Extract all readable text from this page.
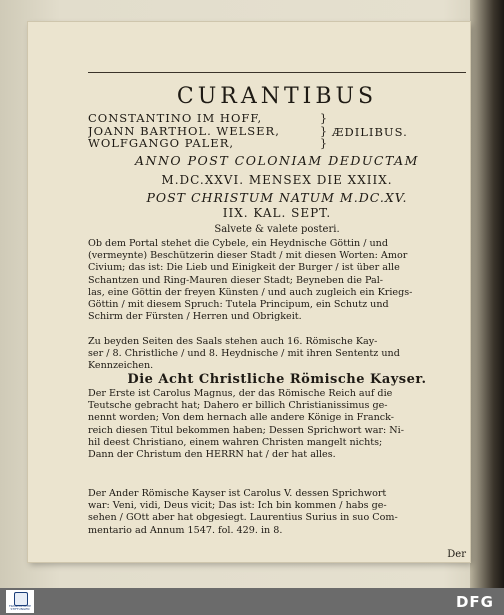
CURANTIBUS
CONSTANTINO IM HOFF,
JOANN BARTHOL. WELSER,
WOLFGANGO PALER,
}
}
}
ÆDILIBUS.
ANNO POST COLONIAM DEDUCTAM
M.DC.XXVI. MENSEX DIE XXIIX.
POST CHRISTUM NATUM M.DC.XV.
IIX. KAL. SEPT.
Salvete & valete posteri.
Ob dem Portal stehet die Cybele, ein Heydnische Göttin / und
(vermeynte) Beschützerin dieser Stadt / mit diesen Worten: Amor
Civium; das ist: Die Lieb und Einigkeit der Burger / ist über alle
Schantzen und Ring-Mauren dieser Stadt; Beyneben die Pal-
las, eine Göttin der freyen Künsten / und auch zugleich ein Kriegs-
Göttin / mit diesem Spruch: Tutela Principum, ein Schutz und
Schirm der Fürsten / Herren und Obrigkeit.
Zu beyden Seiten des Saals stehen auch 16. Römische Kay-
ser / 8. Christliche / und 8. Heydnische / mit ihren Sententz und
Kennzeichen.
Die Acht Christliche Römische Kayser.
Der Erste ist Carolus Magnus, der das Römische Reich auf die
Teutsche gebracht hat; Dahero er billich Christianissimus ge-
nennt worden; Von dem hernach alle andere Könige in Franck-
reich diesen Titul bekommen haben; Dessen Sprichwort war: Ni-
hil deest Christiano, einem wahren Christen mangelt nichts;
Dann der Christum den HERRN hat / der hat alles.
Der Ander Römische Kayser ist Carolus V. dessen Sprichwort
war: Veni, vidi, Deus vicit; Das ist: Ich bin kommen / habs ge-
sehen / GOtt aber hat obgesiegt. Laurentius Surius in suo Com-
mentario ad Annum 1547. fol. 429. in 8.
Der
FRANCKESCHE STIFTUNGEN	DFG
